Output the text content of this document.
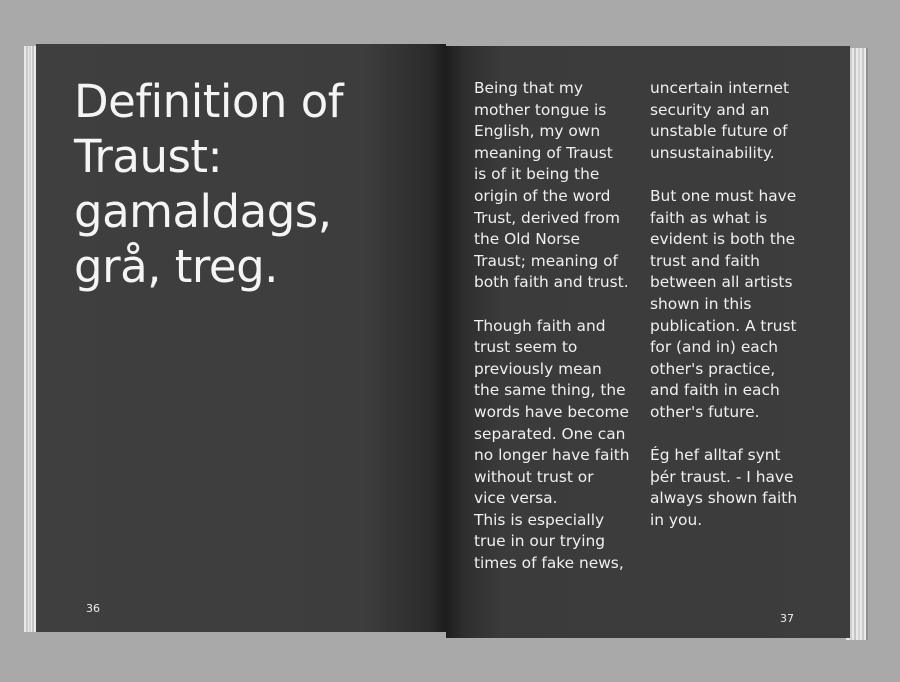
Definition of
Traust:
gamaldags,
grå, treg.
36
Being that my
mother tongue is
English, my own
meaning of Traust
is of it being the
origin of the word
Trust, derived from
the Old Norse
Traust; meaning of
both faith and trust.
Though faith and
trust seem to
previously mean
the same thing, the
words have become
separated. One can
no longer have faith
without trust or
vice versa.
This is especially
true in our trying
times of fake news,
uncertain internet
security and an
unstable future of
unsustainability.
But one must have
faith as what is
evident is both the
trust and faith
between all artists
shown in this
publication. A trust
for (and in) each
other's practice,
and faith in each
other's future.
Ég hef alltaf synt
þér traust. - I have
always shown faith
in you.
37
